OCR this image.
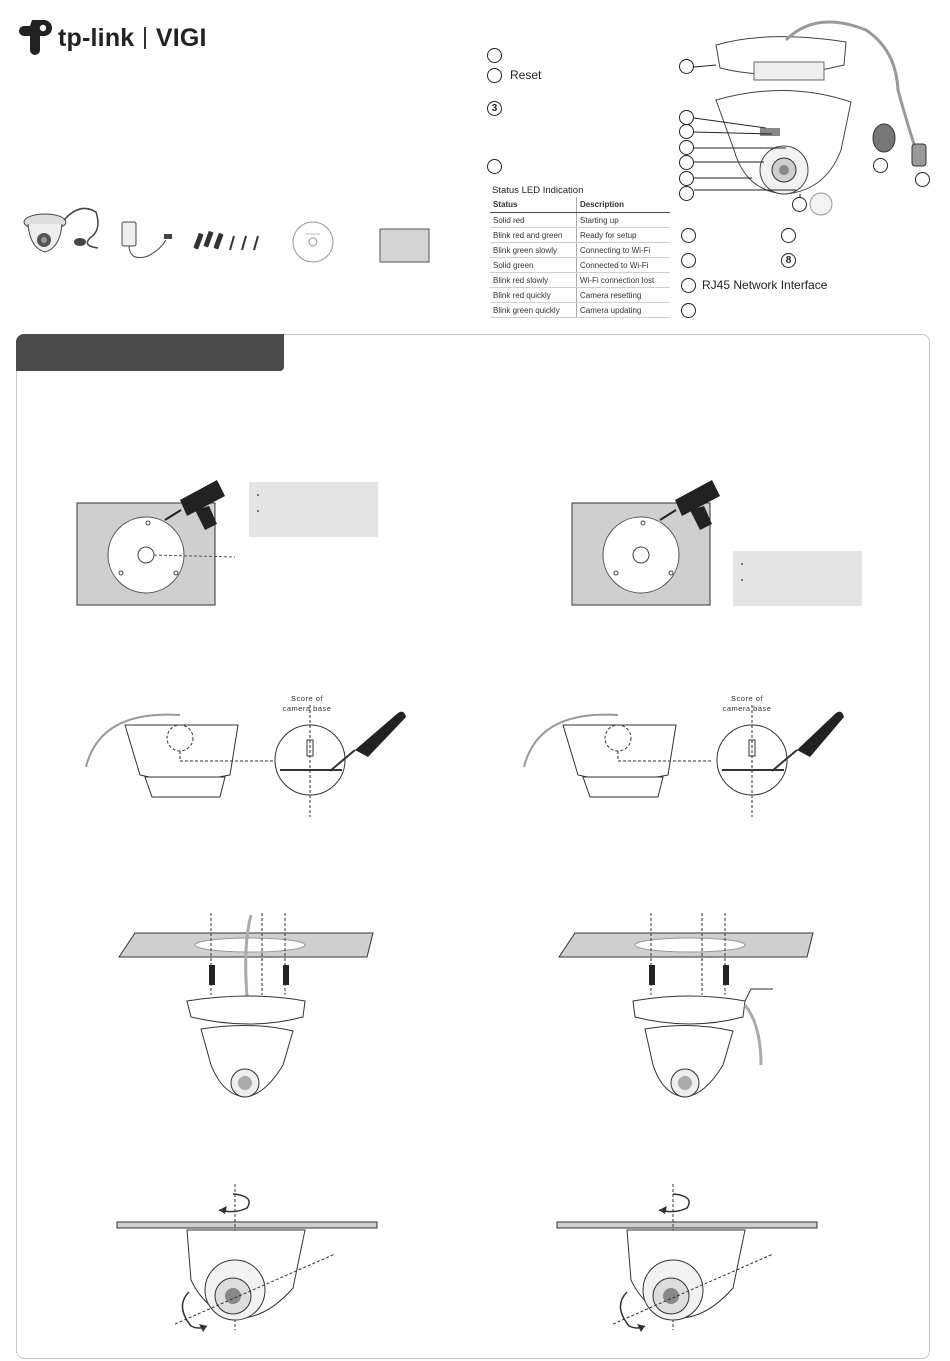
tp-link VIGI
Reset
3
Status LED Indication
Status	Description
Solid red	Starting up
Blink red and green	Ready for setup
Blink green slowly	Connecting to Wi-Fi
Solid green	Connected to Wi-Fi
Blink red slowly	Wi-Fi connection lost
Blink red quickly	Camera resetting
Blink green quickly	Camera updating
8
RJ45 Network Interface
•
•
•
•
Score of
camera base
Score of
camera base
